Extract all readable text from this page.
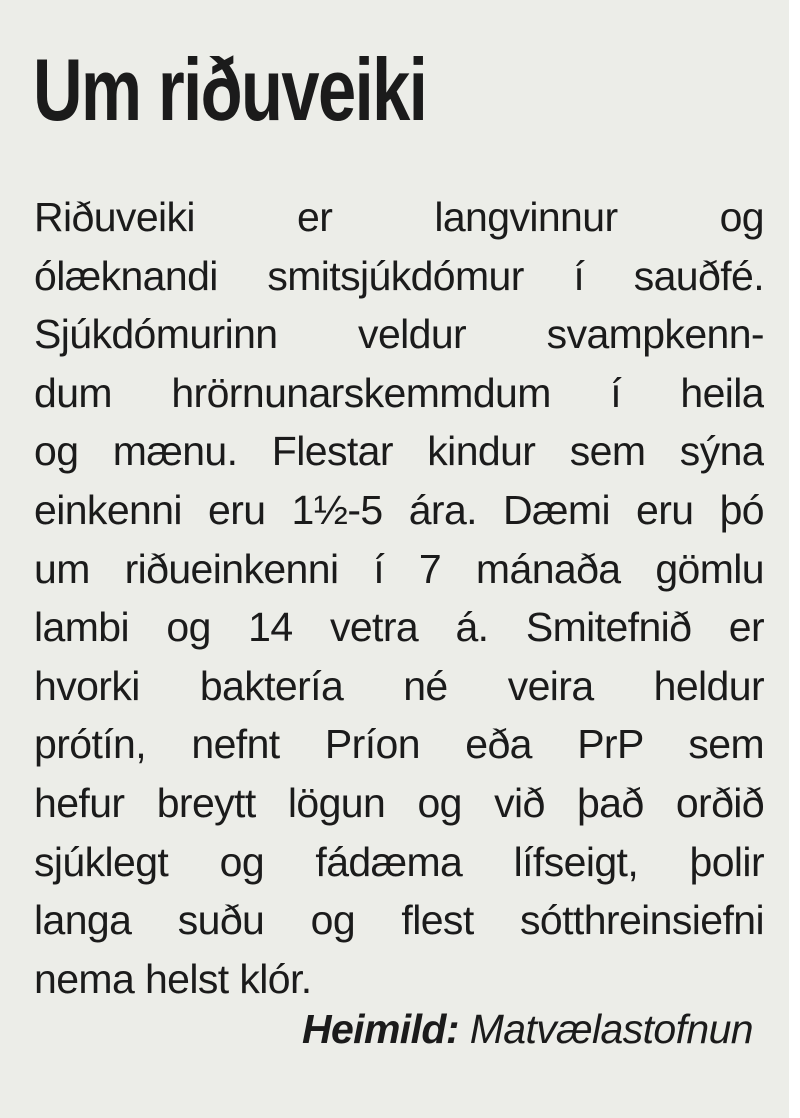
Um riðuveiki
Riðuveiki er langvinnur og
ólæknandi smitsjúkdómur í sauðfé.
Sjúkdómurinn veldur svampkenn-
dum hrörnunarskemmdum í heila
og mænu. Flestar kindur sem sýna
einkenni eru 1½-5 ára. Dæmi eru þó
um riðueinkenni í 7 mánaða gömlu
lambi og 14 vetra á. Smitefnið er
hvorki baktería né veira heldur
prótín, nefnt Príon eða PrP sem
hefur breytt lögun og við það orðið
sjúklegt og fádæma lífseigt, þolir
langa suðu og flest sótthreinsiefni
nema helst klór.
Heimild: Matvælastofnun
